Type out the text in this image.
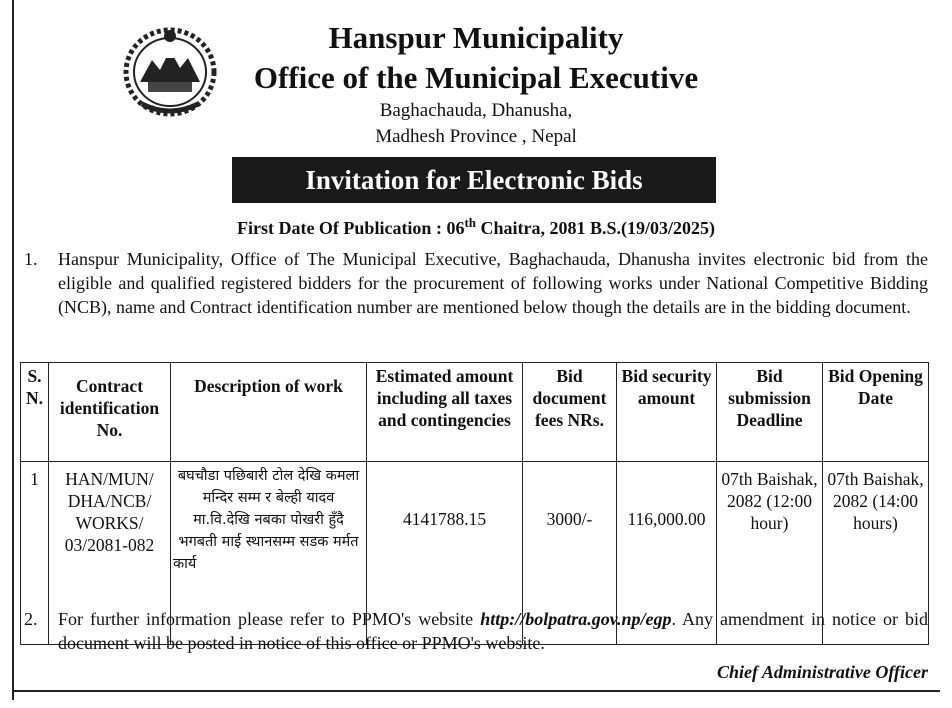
Hanspur Municipality
Office of the Municipal Executive
Baghachauda, Dhanusha,
Madhesh Province , Nepal
Invitation for Electronic Bids
First Date Of Publication : 06th Chaitra, 2081 B.S.(19/03/2025)
1.	Hanspur Municipality, Office of The Municipal Executive, Baghachauda, Dhanusha invites electronic bid from the eligible and qualified registered bidders for the procurement of following works under National Competitive Bidding (NCB), name and Contract identification number are mentioned below though the details are in the bidding document.
S. N.	Contract identification No.	Description of work	Estimated amount including all taxes and contingencies	Bid document fees NRs.	Bid security amount	Bid submission Deadline	Bid Opening Date
1	HAN/MUN/ DHA/NCB/ WORKS/ 03/2081-082	बघचौडा पछिबारी टोल देखि कमला मन्दिर सम्म र बेल्ही यादव मा.वि.देखि नबका पोखरी हुँदै भगबती माई स्थानसम्म सडक मर्मत कार्य	4141788.15	3000/-	116,000.00	07th Baishak, 2082 (12:00 hour)	07th Baishak, 2082 (14:00 hours)
2.	For further information please refer to PPMO's website http://bolpatra.gov.np/egp. Any amendment in notice or bid document will be posted in notice of this office or PPMO's website.
Chief Administrative Officer
